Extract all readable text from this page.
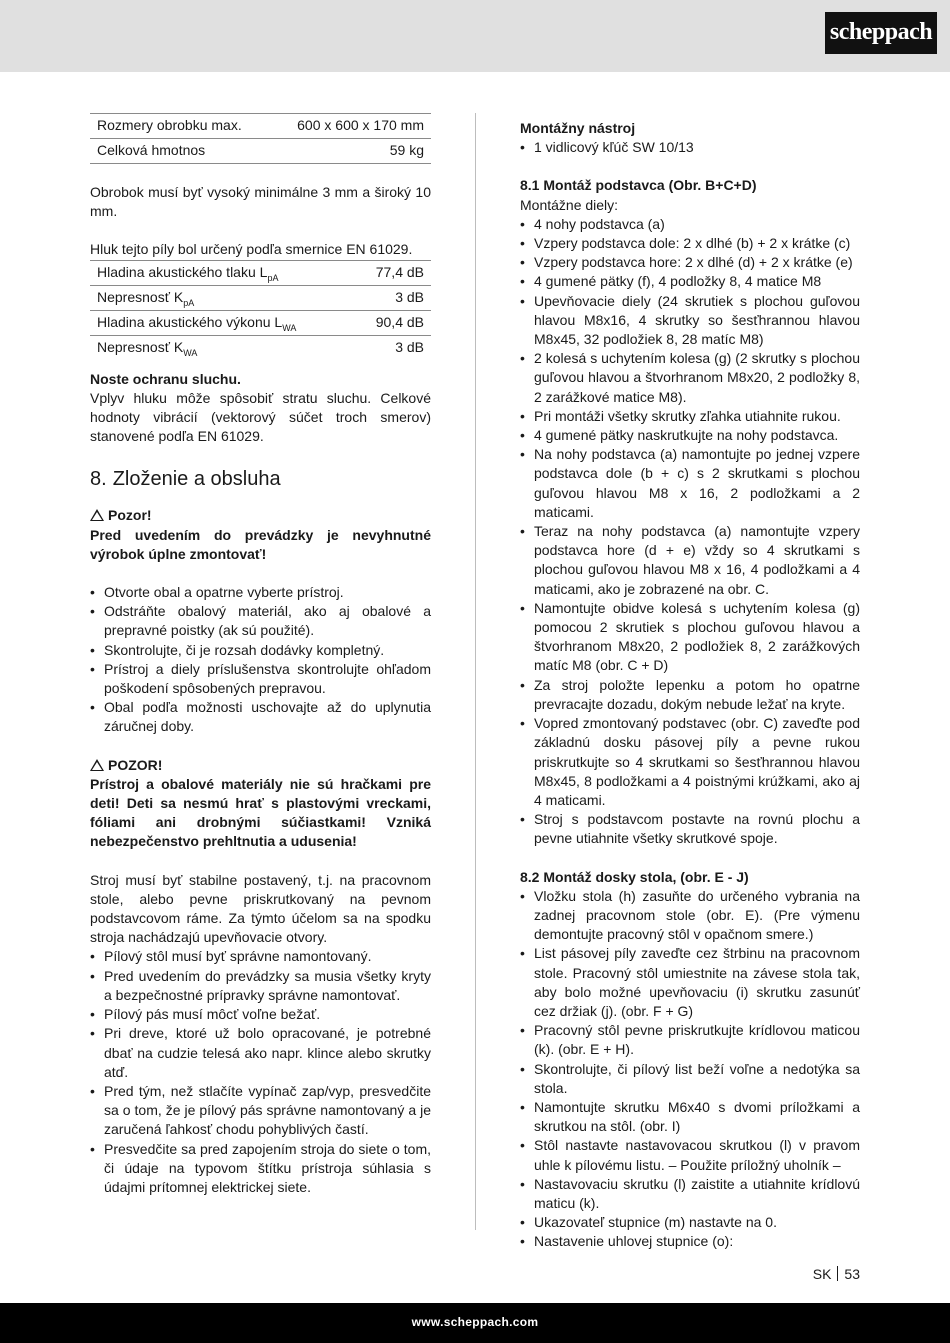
scheppach
Rozmery obrobku max.	600 x 600 x 170 mm
Celková hmotnos	59 kg

Obrobok musí byť vysoký minimálne 3 mm a široký 10 mm.

Hluk tejto píly bol určený podľa smernice EN 61029.

Hladina akustického tlaku $L_{pA}$	77,4 dB
Nepresnosť $K_{pA}$	3 dB
Hladina akustického výkonu $L_{WA}$	90,4 dB
Nepresnosť $K_{WA}$	3 dB

Noste ochranu sluchu.

Vplyv hluku môže spôsobiť stratu sluchu. Celkové hodnoty vibrácií (vektorový súčet troch smerov) stanovené podľa EN 61029.

8. Zloženie a obsluha

Pozor!

Pred uvedením do prevádzky je nevyhnutné výrobok úplne zmontovať!

• Otvorte obal a opatrne vyberte prístroj.
• Odstráňte obalový materiál, ako aj obalové a prepravné poistky (ak sú použité).
• Skontrolujte, či je rozsah dodávky kompletný.
• Prístroj a diely príslušenstva skontrolujte ohľadom poškodení spôsobených prepravou.
• Obal podľa možnosti uschovajte až do uplynutia záručnej doby.

POZOR!

Prístroj a obalové materiály nie sú hračkami pre deti! Deti sa nesmú hrať s plastovými vreckami, fóliami ani drobnými súčiastkami! Vzniká nebezpečenstvo prehltnutia a udusenia!

Stroj musí byť stabilne postavený, t.j. na pracovnom stole, alebo pevne priskrutkovaný na pevnom podstavcovom ráme. Za týmto účelom sa na spodku stroja nachádzajú upevňovacie otvory.

• Pílový stôl musí byť správne namontovaný.
• Pred uvedením do prevádzky sa musia všetky kryty a bezpečnostné prípravky správne namontovať.
• Pílový pás musí môcť voľne bežať.
• Pri dreve, ktoré už bolo opracované, je potrebné dbať na cudzie telesá ako napr. klince alebo skrutky atď.
• Pred tým, než stlačíte vypínač zap/vyp, presvedčite sa o tom, že je pílový pás správne namontovaný a je zaručená ľahkosť chodu pohyblivých častí.
• Presvedčite sa pred zapojením stroja do siete o tom, či údaje na typovom štítku prístroja súhlasia s údajmi prítomnej elektrickej siete.

Montážny nástroj

• 1 vidlicový kľúč SW 10/13

8.1 Montáž podstavca (Obr. B+C+D)

Montážne diely:

• 4 nohy podstavca (a)
• Vzpery podstavca dole: 2 x dlhé (b) + 2 x krátke (c)
• Vzpery podstavca hore: 2 x dlhé (d) + 2 x krátke (e)
• 4 gumené pätky (f), 4 podložky 8, 4 matice M8
• Upevňovacie diely (24 skrutiek s plochou guľovou hlavou M8x16, 4 skrutky so šesťhrannou hlavou M8x45, 32 podložiek 8, 28 matíc M8)
• 2 kolesá s uchytením kolesa (g) (2 skrutky s plochou guľovou hlavou a štvorhranom M8x20, 2 podložky 8, 2 zarážkové matice M8).
• Pri montáži všetky skrutky zľahka utiahnite rukou.
• 4 gumené pätky naskrutkujte na nohy podstavca.
• Na nohy podstavca (a) namontujte po jednej vzpere podstavca dole (b + c) s 2 skrutkami s plochou guľovou hlavou M8 x 16, 2 podložkami a 2 maticami.
• Teraz na nohy podstavca (a) namontujte vzpery podstavca hore (d + e) vždy so 4 skrutkami s plochou guľovou hlavou M8 x 16, 4 podložkami a 4 maticami, ako je zobrazené na obr. C.
• Namontujte obidve kolesá s uchytením kolesa (g) pomocou 2 skrutiek s plochou guľovou hlavou a štvorhranom M8x20, 2 podložiek 8, 2 zarážkových matíc M8 (obr. C + D)
• Za stroj položte lepenku a potom ho opatrne prevracajte dozadu, dokým nebude ležať na kryte.
• Vopred zmontovaný podstavec (obr. C) zaveďte pod základnú dosku pásovej píly a pevne rukou priskrutkujte so 4 skrutkami so šesťhrannou hlavou M8x45, 8 podložkami a 4 poistnými krúžkami, ako aj 4 maticami.
• Stroj s podstavcom postavte na rovnú plochu a pevne utiahnite všetky skrutkové spoje.

8.2 Montáž dosky stola, (obr. E - J)

• Vložku stola (h) zasuňte do určeného vybrania na zadnej pracovnom stole (obr. E). (Pre výmenu demontujte pracovný stôl v opačnom smere.)
• List pásovej píly zaveďte cez štrbinu na pracovnom stole. Pracovný stôl umiestnite na závese stola tak, aby bolo možné upevňovaciu (i) skrutku zasunúť cez držiak (j). (obr. F + G)
• Pracovný stôl pevne priskrutkujte krídlovou maticou (k). (obr. E + H).
• Skontrolujte, či pílový list beží voľne a nedotýka sa stola.
• Namontujte skrutku M6x40 s dvomi príložkami a skrutkou na stôl. (obr. I)
• Stôl nastavte nastavovacou skrutkou (l) v pravom uhle k pílovému listu. – Použite príložný uholník –
• Nastavovaciu skrutku (l) zaistite a utiahnite krídlovú maticu (k).
• Ukazovateľ stupnice (m) nastavte na 0.
• Nastavenie uhlovej stupnice (o):
SK 53
www.scheppach.com
